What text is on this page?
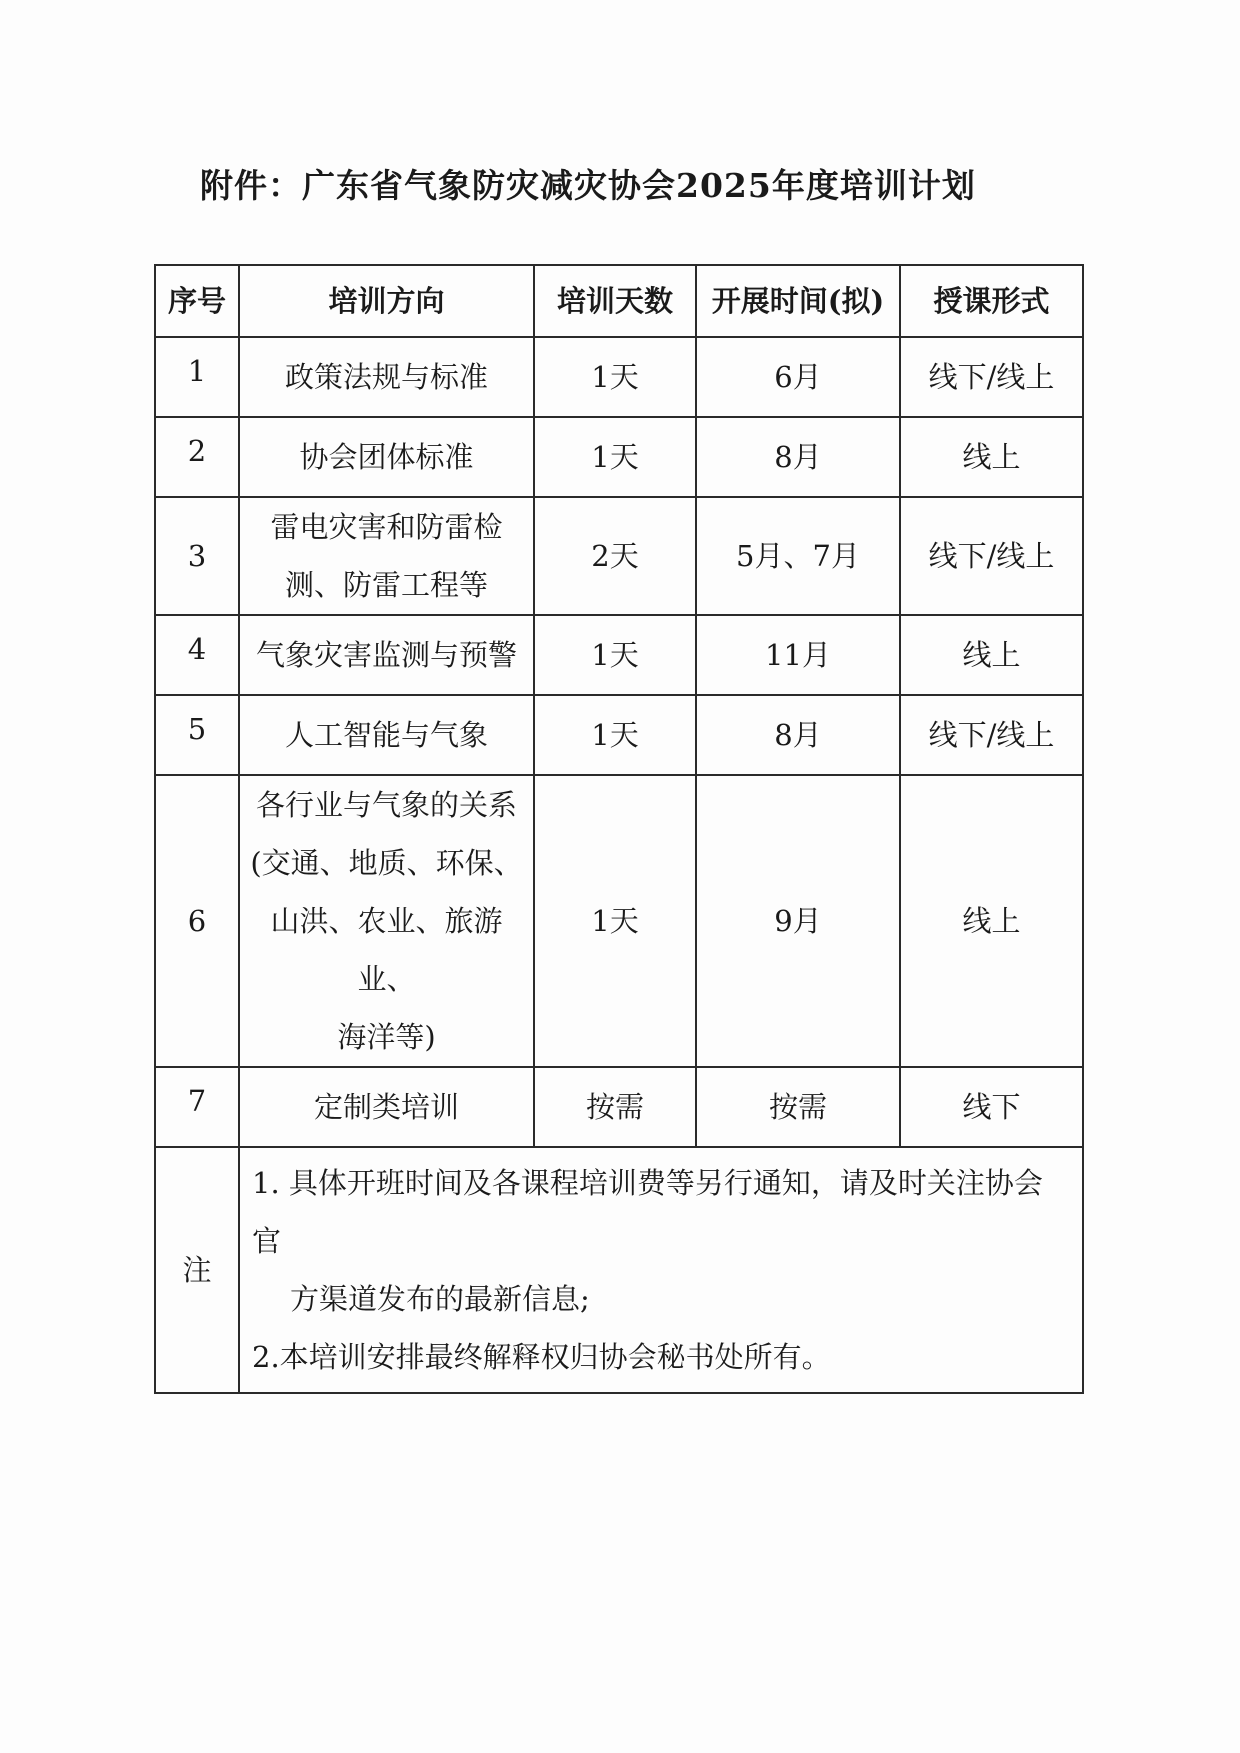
附件：广东省气象防灾减灾协会2025年度培训计划
序号	培训方向	培训天数	开展时间(拟)	授课形式
1	政策法规与标准	1天	6月	线下/线上
2	协会团体标准	1天	8月	线上
3	雷电灾害和防雷检
测、防雷工程等	2天	5月、7月	线下/线上
4	气象灾害监测与预警	1天	11月	线上
5	人工智能与气象	1天	8月	线下/线上
6	各行业与气象的关系
(交通、地质、环保、
山洪、农业、旅游业、
海洋等)	1天	9月	线上
7	定制类培训	按需	按需	线下
注	1. 具体开班时间及各课程培训费等另行通知，请及时关注协会官
方渠道发布的最新信息;
2.本培训安排最终解释权归协会秘书处所有。			
